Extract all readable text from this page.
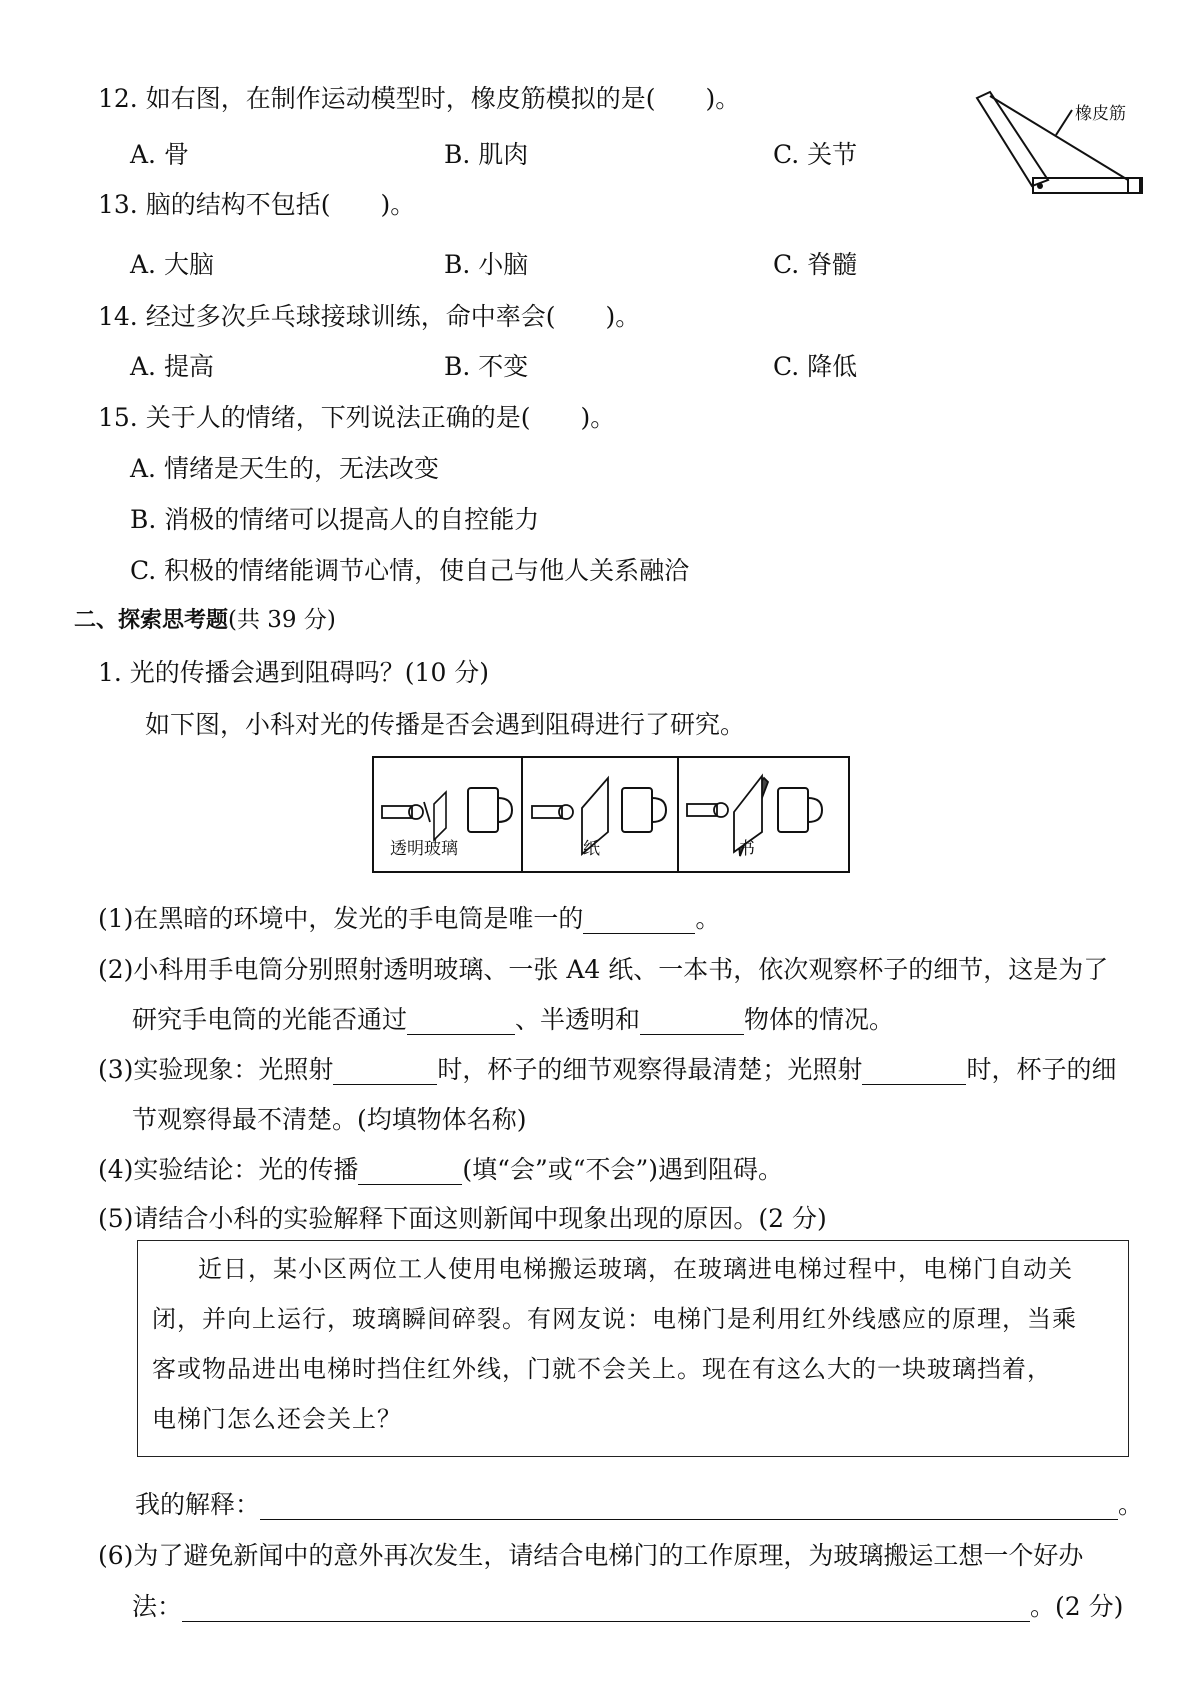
12. 如右图，在制作运动模型时，橡皮筋模拟的是(　　)。
A. 骨	B. 肌肉	C. 关节
橡皮筋
13. 脑的结构不包括(　　)。
A. 大脑	B. 小脑	C. 脊髓
14. 经过多次乒乓球接球训练，命中率会(　　)。
A. 提高	B. 不变	C. 降低
15. 关于人的情绪，下列说法正确的是(　　)。
A. 情绪是天生的，无法改变
B. 消极的情绪可以提高人的自控能力
C. 积极的情绪能调节心情，使自己与他人关系融洽
二、探索思考题(共 39 分)
1. 光的传播会遇到阻碍吗？(10 分)
如下图，小科对光的传播是否会遇到阻碍进行了研究。
透明玻璃	纸	书
(1)在黑暗的环境中，发光的手电筒是唯一的	。
(2)小科用手电筒分别照射透明玻璃、一张 A4 纸、一本书，依次观察杯子的细节，这是为了
研究手电筒的光能否通过	、半透明和	物体的情况。
(3)实验现象：光照射	时，杯子的细节观察得最清楚；光照射	时，杯子的细
节观察得最不清楚。(均填物体名称)
(4)实验结论：光的传播	(填“会”或“不会”)遇到阻碍。
(5)请结合小科的实验解释下面这则新闻中现象出现的原因。(2 分)

近日，某小区两位工人使用电梯搬运玻璃，在玻璃进电梯过程中，电梯门自动关

闭，并向上运行，玻璃瞬间碎裂。有网友说：电梯门是利用红外线感应的原理，当乘

客或物品进出电梯时挡住红外线，门就不会关上。现在有这么大的一块玻璃挡着，

电梯门怎么还会关上？

我的解释：	。
(6)为了避免新闻中的意外再次发生，请结合电梯门的工作原理，为玻璃搬运工想一个好办
法：	。(2 分)
